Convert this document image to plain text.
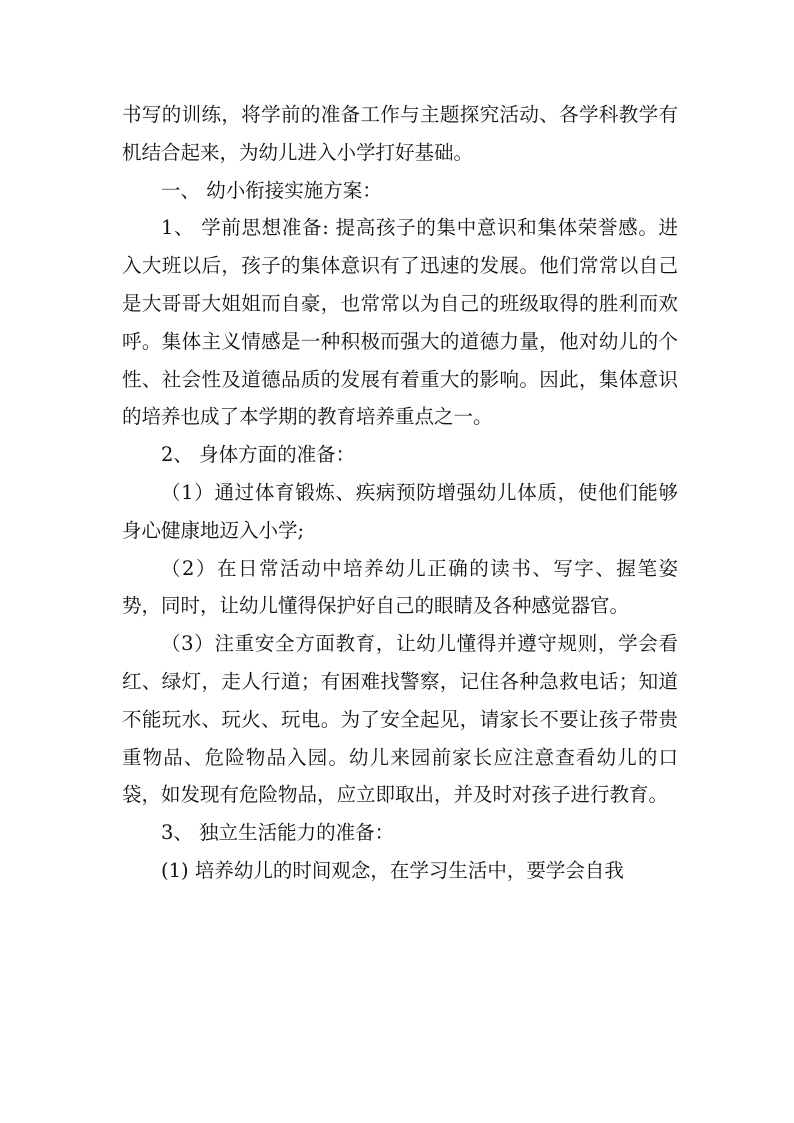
书写的训练，将学前的准备工作与主题探究活动、各学科教学有机结合起来，为幼儿进入小学打好基础。

一、 幼小衔接实施方案：

1、 学前思想准备: 提高孩子的集中意识和集体荣誉感。进入大班以后，孩子的集体意识有了迅速的发展。他们常常以自己是大哥哥大姐姐而自豪，也常常以为自己的班级取得的胜利而欢呼。集体主义情感是一种积极而强大的道德力量，他对幼儿的个性、社会性及道德品质的发展有着重大的影响。因此，集体意识的培养也成了本学期的教育培养重点之一。

2、 身体方面的准备：

（1）通过体育锻炼、疾病预防增强幼儿体质，使他们能够身心健康地迈入小学;

（2）在日常活动中培养幼儿正确的读书、写字、握笔姿势，同时，让幼儿懂得保护好自己的眼睛及各种感觉器官。

（3）注重安全方面教育，让幼儿懂得并遵守规则，学会看红、绿灯，走人行道；有困难找警察，记住各种急救电话；知道不能玩水、玩火、玩电。为了安全起见，请家长不要让孩子带贵重物品、危险物品入园。幼儿来园前家长应注意查看幼儿的口袋，如发现有危险物品，应立即取出，并及时对孩子进行教育。

3、 独立生活能力的准备：

(1) 培养幼儿的时间观念，在学习生活中，要学会自我
